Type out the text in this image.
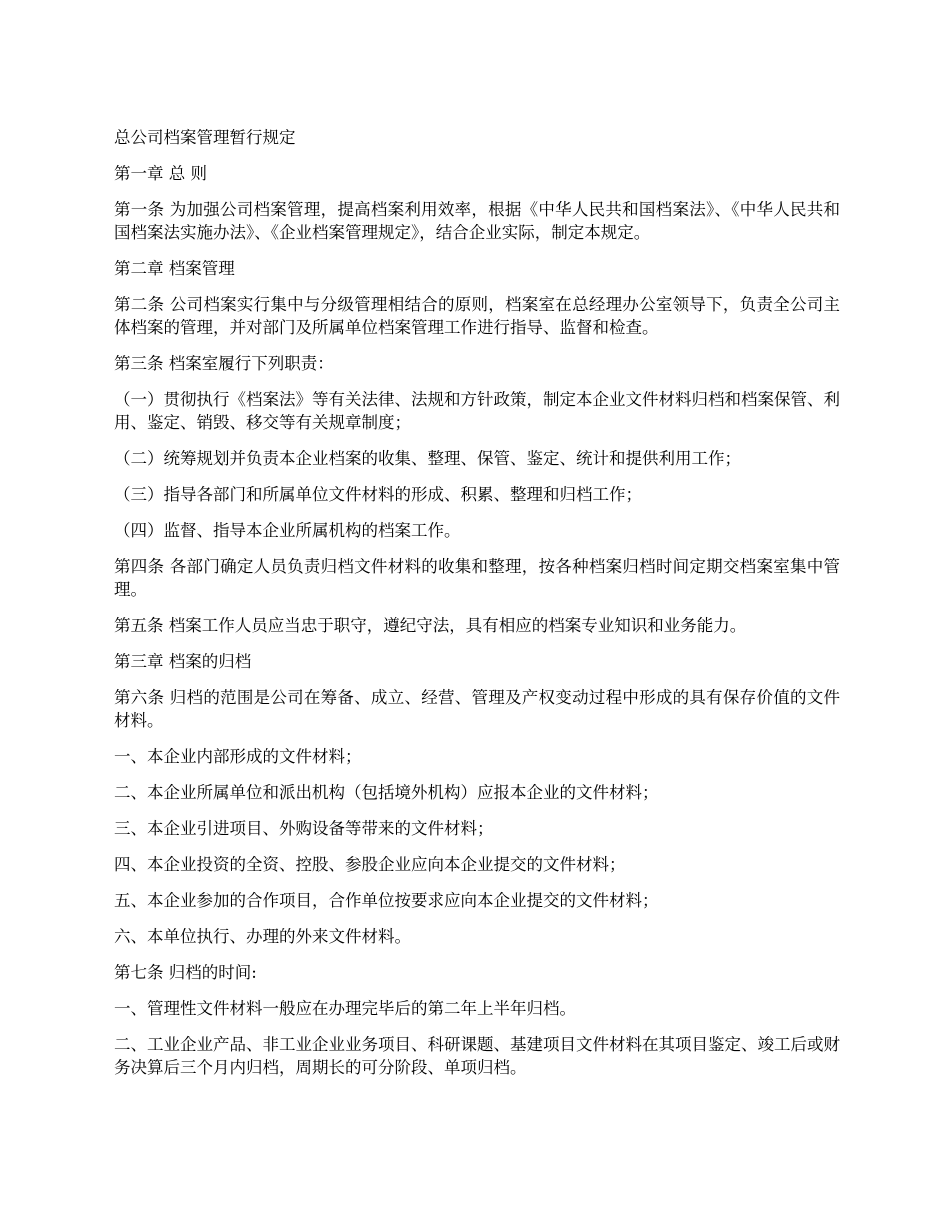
总公司档案管理暂行规定

第一章 总 则

第一条 为加强公司档案管理，提高档案利用效率，根据《中华人民共和国档案法》、《中华人民共和国档案法实施办法》、《企业档案管理规定》，结合企业实际，制定本规定。

第二章 档案管理

第二条 公司档案实行集中与分级管理相结合的原则，档案室在总经理办公室领导下，负责全公司主体档案的管理，并对部门及所属单位档案管理工作进行指导、监督和检查。

第三条 档案室履行下列职责：

（一）贯彻执行《档案法》等有关法律、法规和方针政策，制定本企业文件材料归档和档案保管、利用、鉴定、销毁、移交等有关规章制度；

（二）统筹规划并负责本企业档案的收集、整理、保管、鉴定、统计和提供利用工作；

（三）指导各部门和所属单位文件材料的形成、积累、整理和归档工作；

（四）监督、指导本企业所属机构的档案工作。

第四条 各部门确定人员负责归档文件材料的收集和整理，按各种档案归档时间定期交档案室集中管理。

第五条 档案工作人员应当忠于职守，遵纪守法，具有相应的档案专业知识和业务能力。

第三章 档案的归档

第六条 归档的范围是公司在筹备、成立、经营、管理及产权变动过程中形成的具有保存价值的文件材料。

一、本企业内部形成的文件材料；

二、本企业所属单位和派出机构（包括境外机构）应报本企业的文件材料；

三、本企业引进项目、外购设备等带来的文件材料；

四、本企业投资的全资、控股、参股企业应向本企业提交的文件材料；

五、本企业参加的合作项目，合作单位按要求应向本企业提交的文件材料；

六、本单位执行、办理的外来文件材料。

第七条 归档的时间:

一、管理性文件材料一般应在办理完毕后的第二年上半年归档。

二、工业企业产品、非工业企业业务项目、科研课题、基建项目文件材料在其项目鉴定、竣工后或财务决算后三个月内归档，周期长的可分阶段、单项归档。
